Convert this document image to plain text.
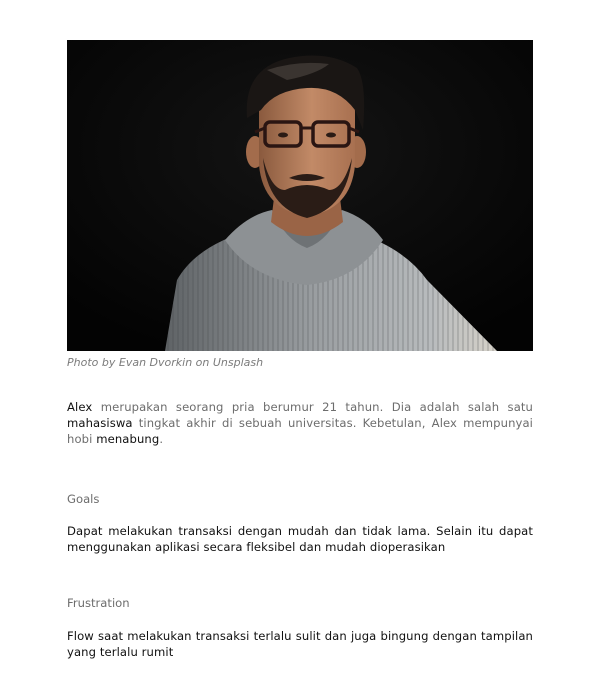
Photo by Evan Dvorkin on Unsplash

Alex merupakan seorang pria berumur 21 tahun. Dia adalah salah satu mahasiswa tingkat akhir di sebuah universitas. Kebetulan, Alex mempunyai hobi menabung.

Goals

Dapat melakukan transaksi dengan mudah dan tidak lama. Selain itu dapat menggunakan aplikasi secara fleksibel dan mudah dioperasikan

Frustration

Flow saat melakukan transaksi terlalu sulit dan juga bingung dengan tampilan yang terlalu rumit
